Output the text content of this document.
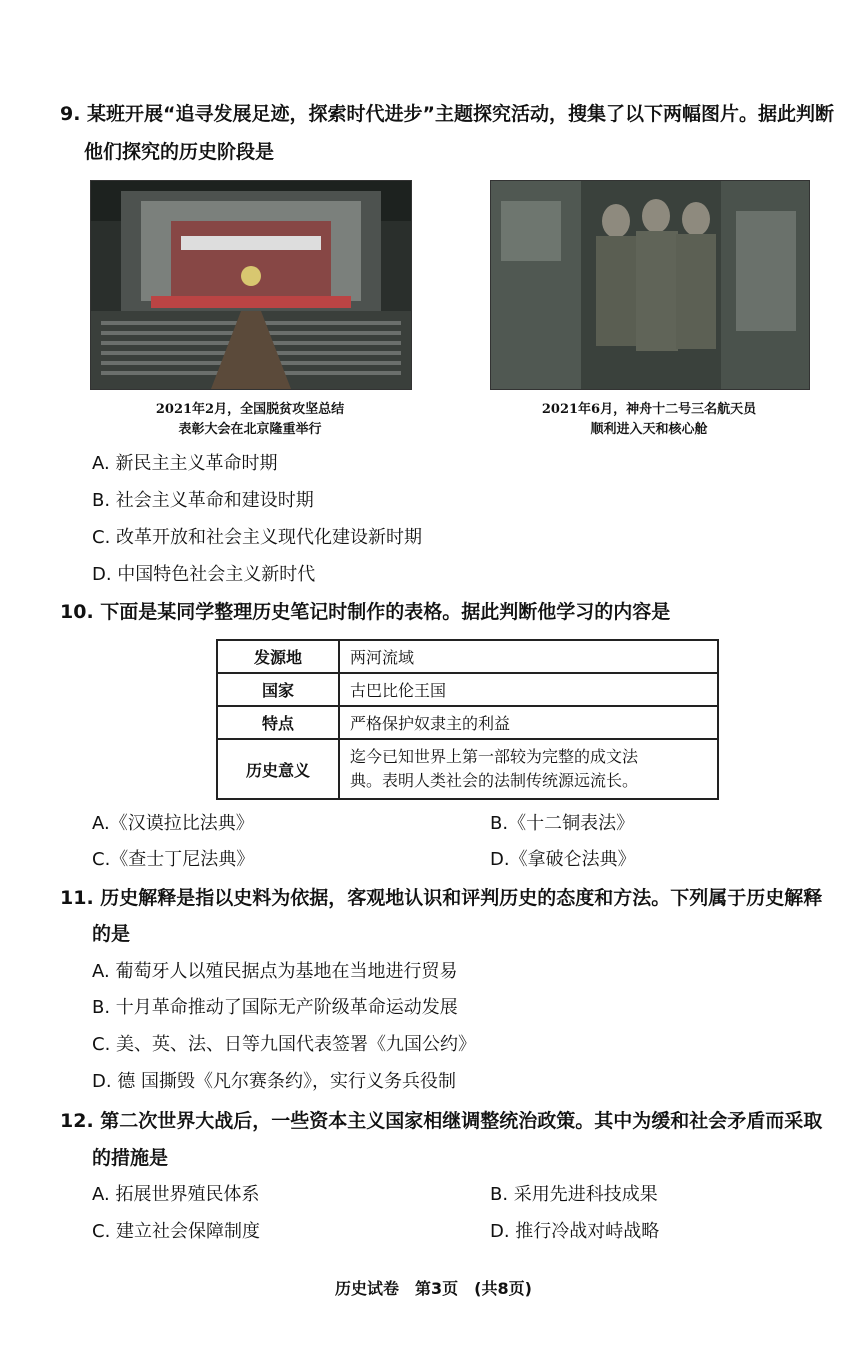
9. 某班开展“追寻发展足迹，探索时代进步”主题探究活动，搜集了以下两幅图片。据此判断
他们探究的历史阶段是
2021年2月，全国脱贫攻坚总结
表彰大会在北京隆重举行
2021年6月，神舟十二号三名航天员
顺利进入天和核心舱
A. 新民主主义革命时期
B. 社会主义革命和建设时期
C. 改革开放和社会主义现代化建设新时期
D. 中国特色社会主义新时代
10. 下面是某同学整理历史笔记时制作的表格。据此判断他学习的内容是
发源地	两河流域
国家	古巴比伦王国
特点	严格保护奴隶主的利益
历史意义	迄今已知世界上第一部较为完整的成文法
典。表明人类社会的法制传统源远流长。
A.《汉谟拉比法典》	B.《十二铜表法》
C.《查士丁尼法典》	D.《拿破仑法典》
11. 历史解释是指以史料为依据，客观地认识和评判历史的态度和方法。下列属于历史解释
的是
A. 葡萄牙人以殖民据点为基地在当地进行贸易
B. 十月革命推动了国际无产阶级革命运动发展
C. 美、英、法、日等九国代表签署《九国公约》
D. 德 国撕毁《凡尔赛条约》，实行义务兵役制
12. 第二次世界大战后，一些资本主义国家相继调整统治政策。其中为缓和社会矛盾而采取
的措施是
A. 拓展世界殖民体系	B. 采用先进科技成果
C. 建立社会保障制度	D. 推行冷战对峙战略
历史试卷　第3页　(共8页)
